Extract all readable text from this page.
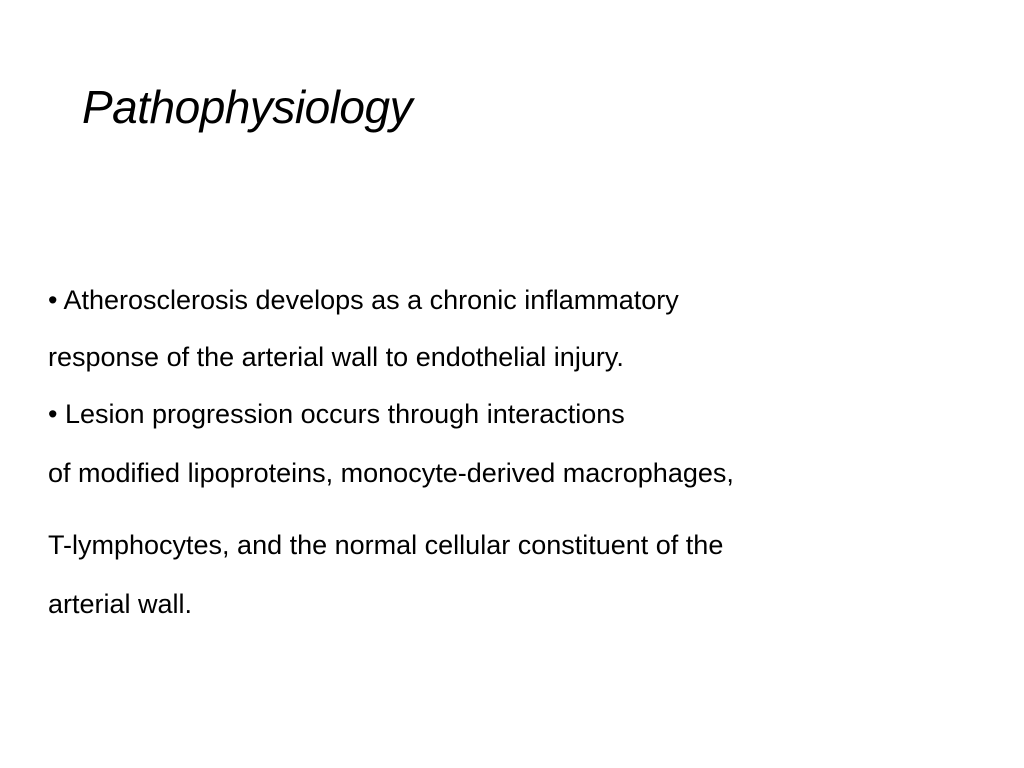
Pathophysiology

• Atherosclerosis develops as a chronic inflammatory

response of the arterial wall to endothelial injury.

• Lesion progression occurs through interactions

of modified lipoproteins, monocyte-derived macrophages,

T-lymphocytes, and the normal cellular constituent of the

arterial wall.
